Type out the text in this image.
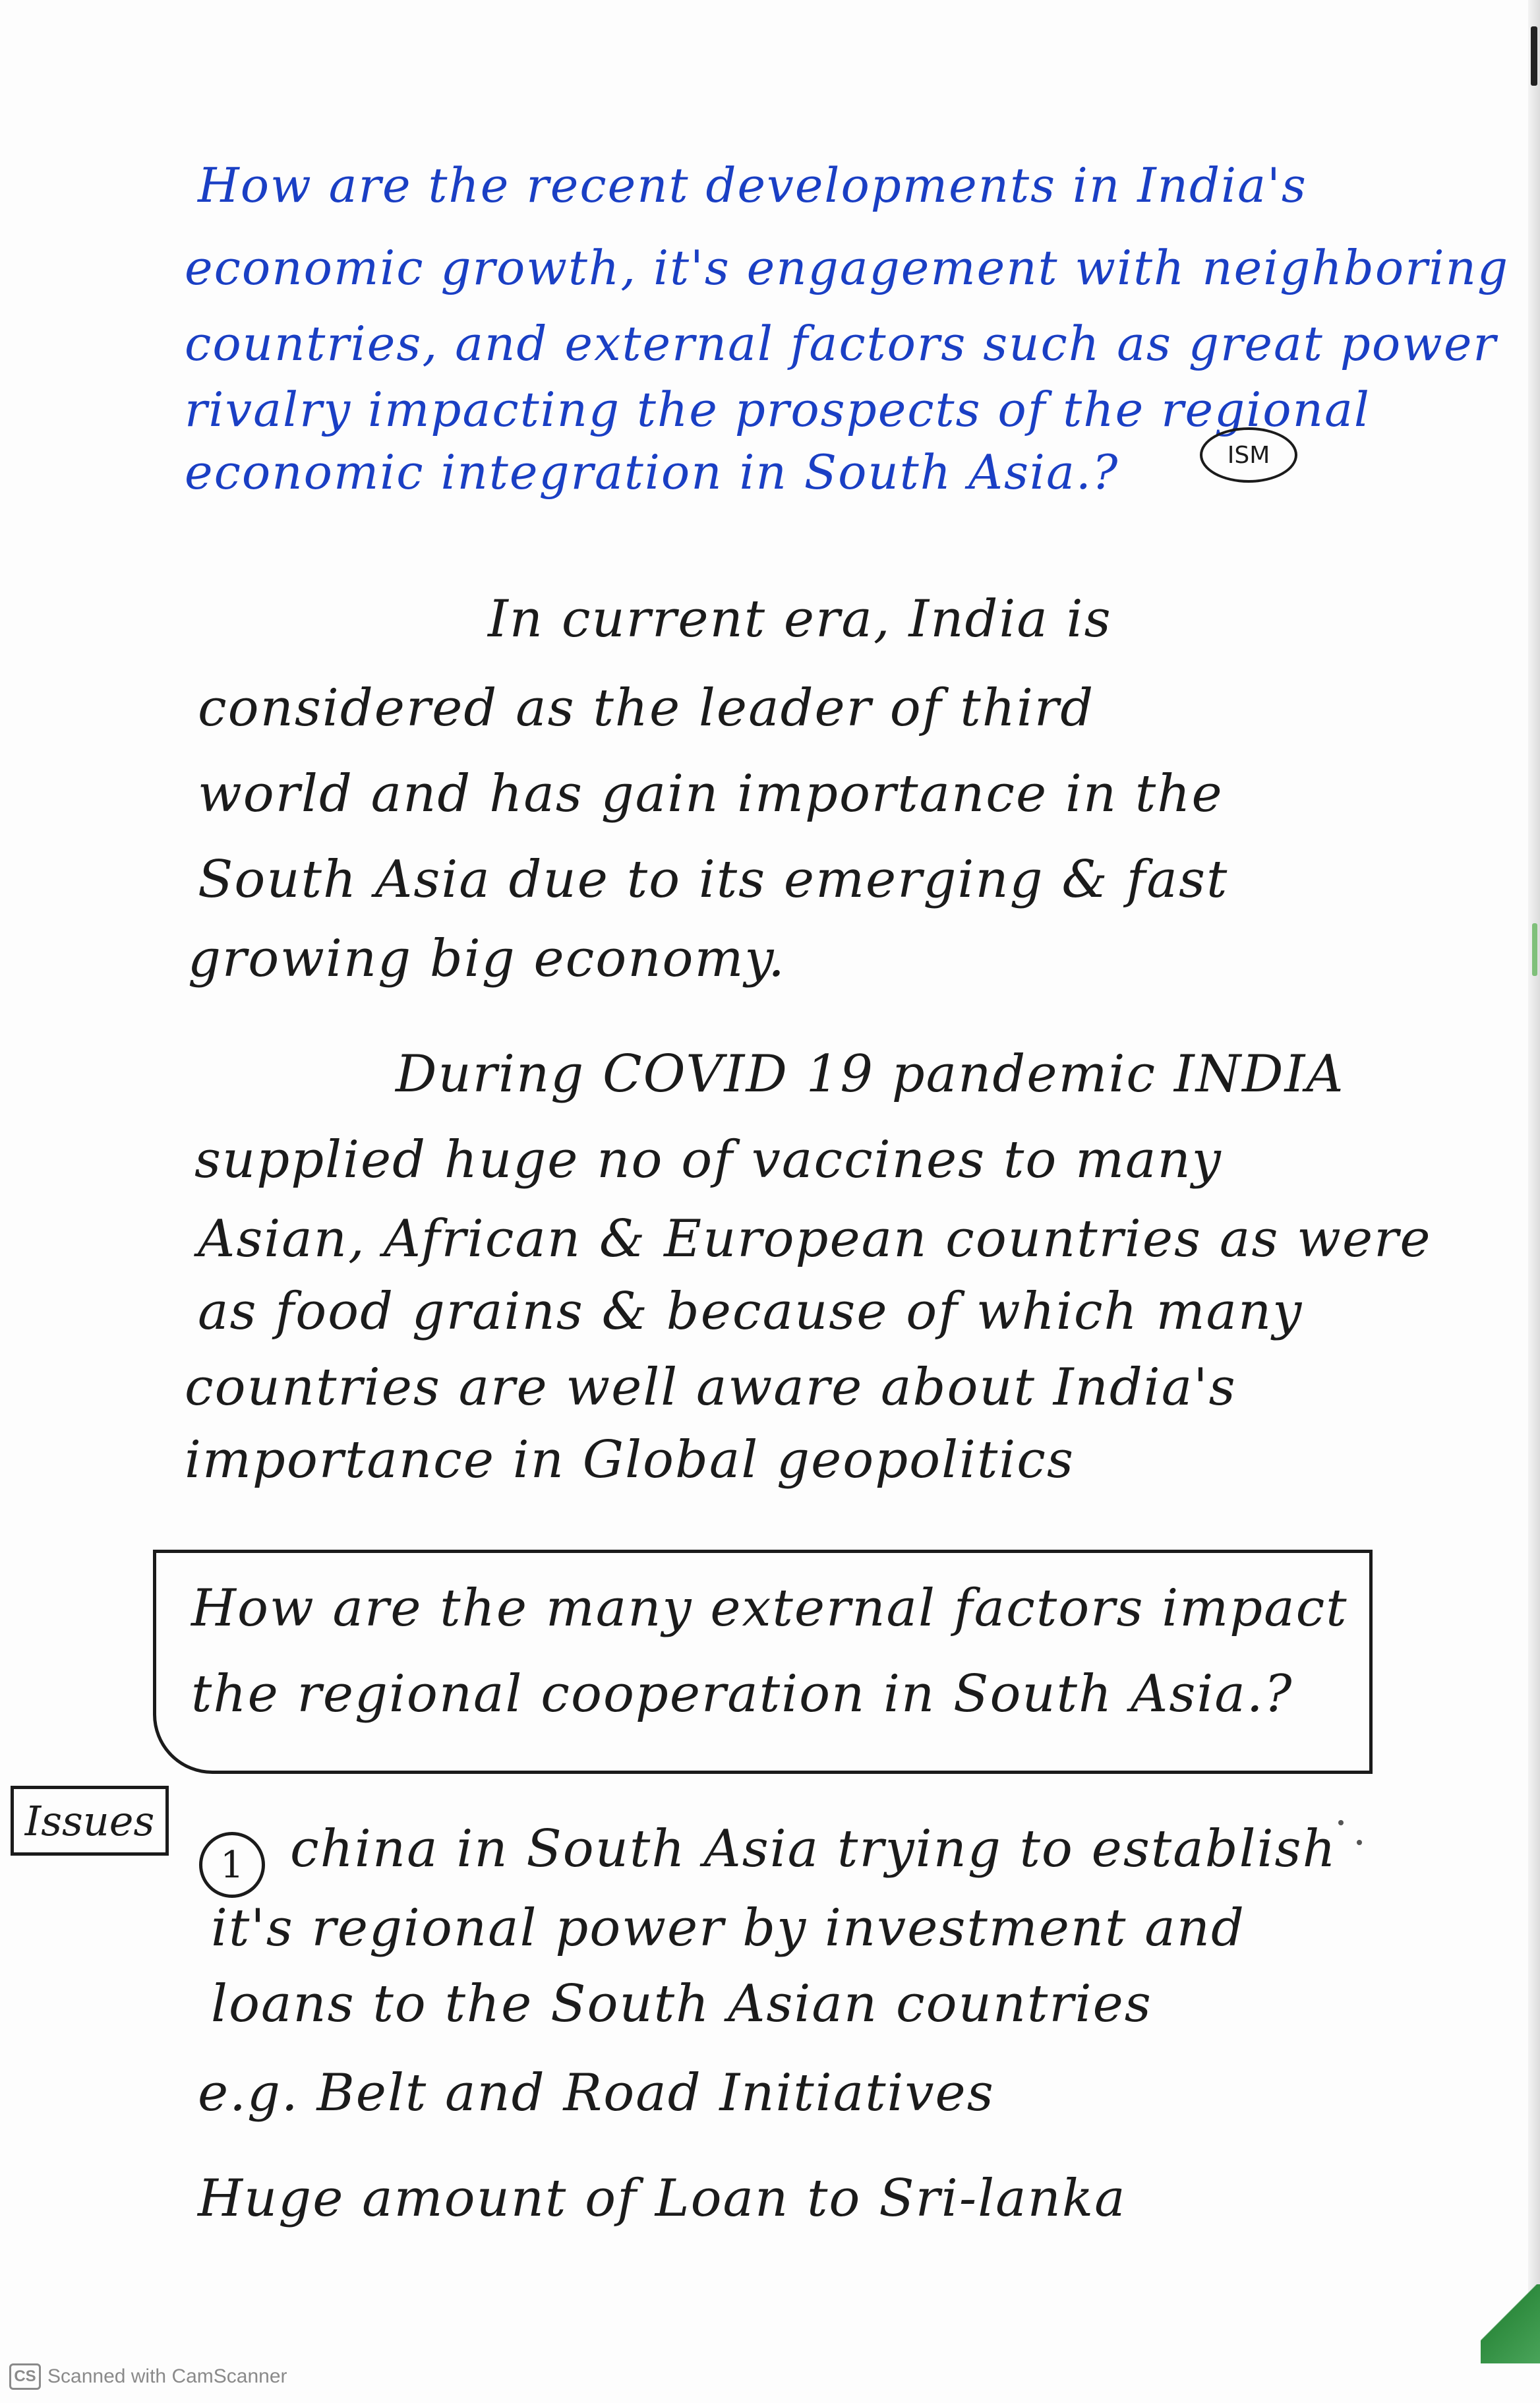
How are the recent developments in India's
economic growth, it's engagement with neighboring
countries, and external factors such as great power
rivalry impacting the prospects of the regional
economic integration in South Asia.?	ISM
In current era, India is
considered as the leader of third
world and has gain importance in the
South Asia due to its emerging & fast
growing big economy.
During COVID 19 pandemic INDIA
supplied huge no of vaccines to many
Asian, African & European countries as were
as food grains & because of which many
countries are well aware about India's
importance in Global geopolitics
How are the many external factors impact
the regional cooperation in South Asia.?
Issues
1 china in South Asia trying to establish
it's regional power by investment and
loans to the South Asian countries
e.g. Belt and Road Initiatives
Huge amount of Loan to Sri-lanka
CS Scanned with CamScanner
